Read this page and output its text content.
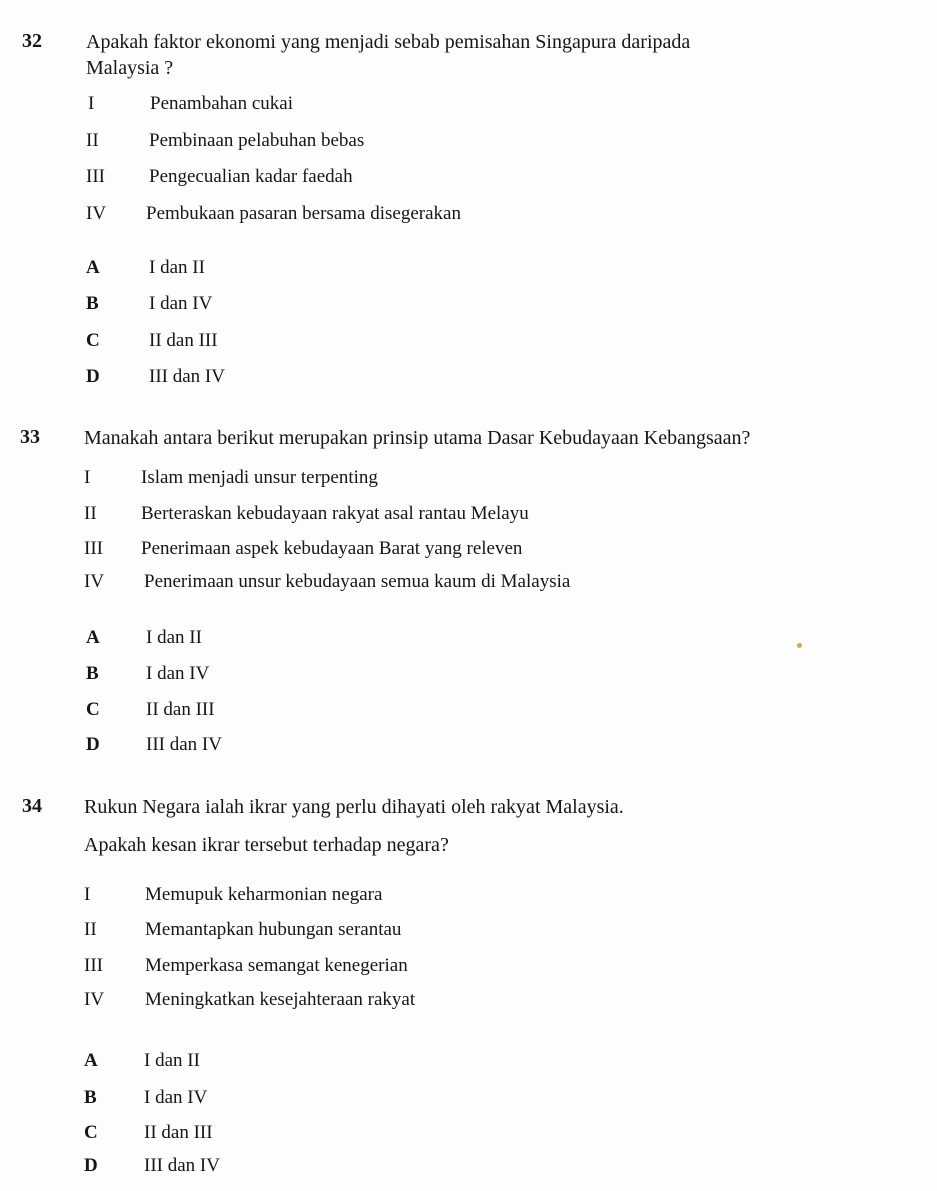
32 Apakah faktor ekonomi yang menjadi sebab pemisahan Singapura daripada
Malaysia ?
I	Penambahan cukai
II	Pembinaan pelabuhan bebas
III Pengecualian kadar faedah
IV Pembukaan pasaran bersama disegerakan
A	I dan II
B	I dan IV
C	II dan III
D	III dan IV
33 Manakah antara berikut merupakan prinsip utama Dasar Kebudayaan Kebangsaan?
I	Islam menjadi unsur terpenting
II Berteraskan kebudayaan rakyat asal rantau Melayu
III Penerimaan aspek kebudayaan Barat yang releven
IV Penerimaan unsur kebudayaan semua kaum di Malaysia
A I dan II
B I dan IV
C II dan III
D III dan IV
34 Rukun Negara ialah ikrar yang perlu dihayati oleh rakyat Malaysia.
Apakah kesan ikrar tersebut terhadap negara?
I	Memupuk keharmonian negara
II	Memantapkan hubungan serantau
III Memperkasa semangat kenegerian
IV Meningkatkan kesejahteraan rakyat
A I dan II
B I dan IV
C II dan III
D III dan IV
